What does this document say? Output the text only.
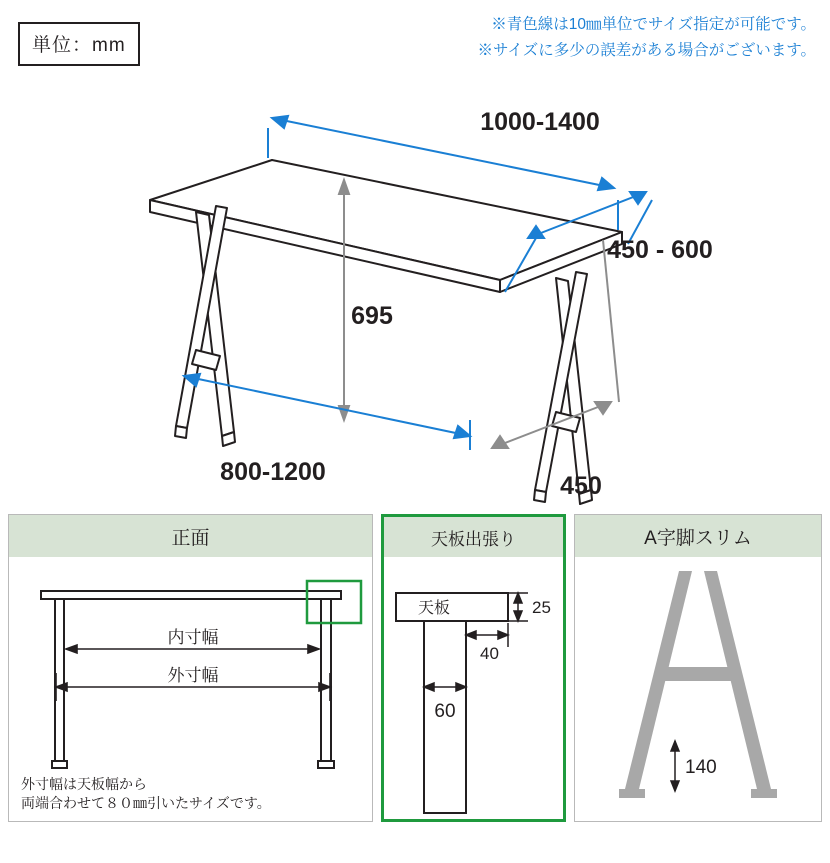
単位：mm
※青色線は10㎜単位でサイズ指定が可能です。
※サイズに多少の誤差がある場合がございます。
1000-1400
450 - 600
695
800-1200	450
正面
内寸幅
外寸幅
外寸幅は天板幅から
両端合わせて８０㎜引いたサイズです。
天板出張り
天板	25
40
60
A字脚スリム
140
